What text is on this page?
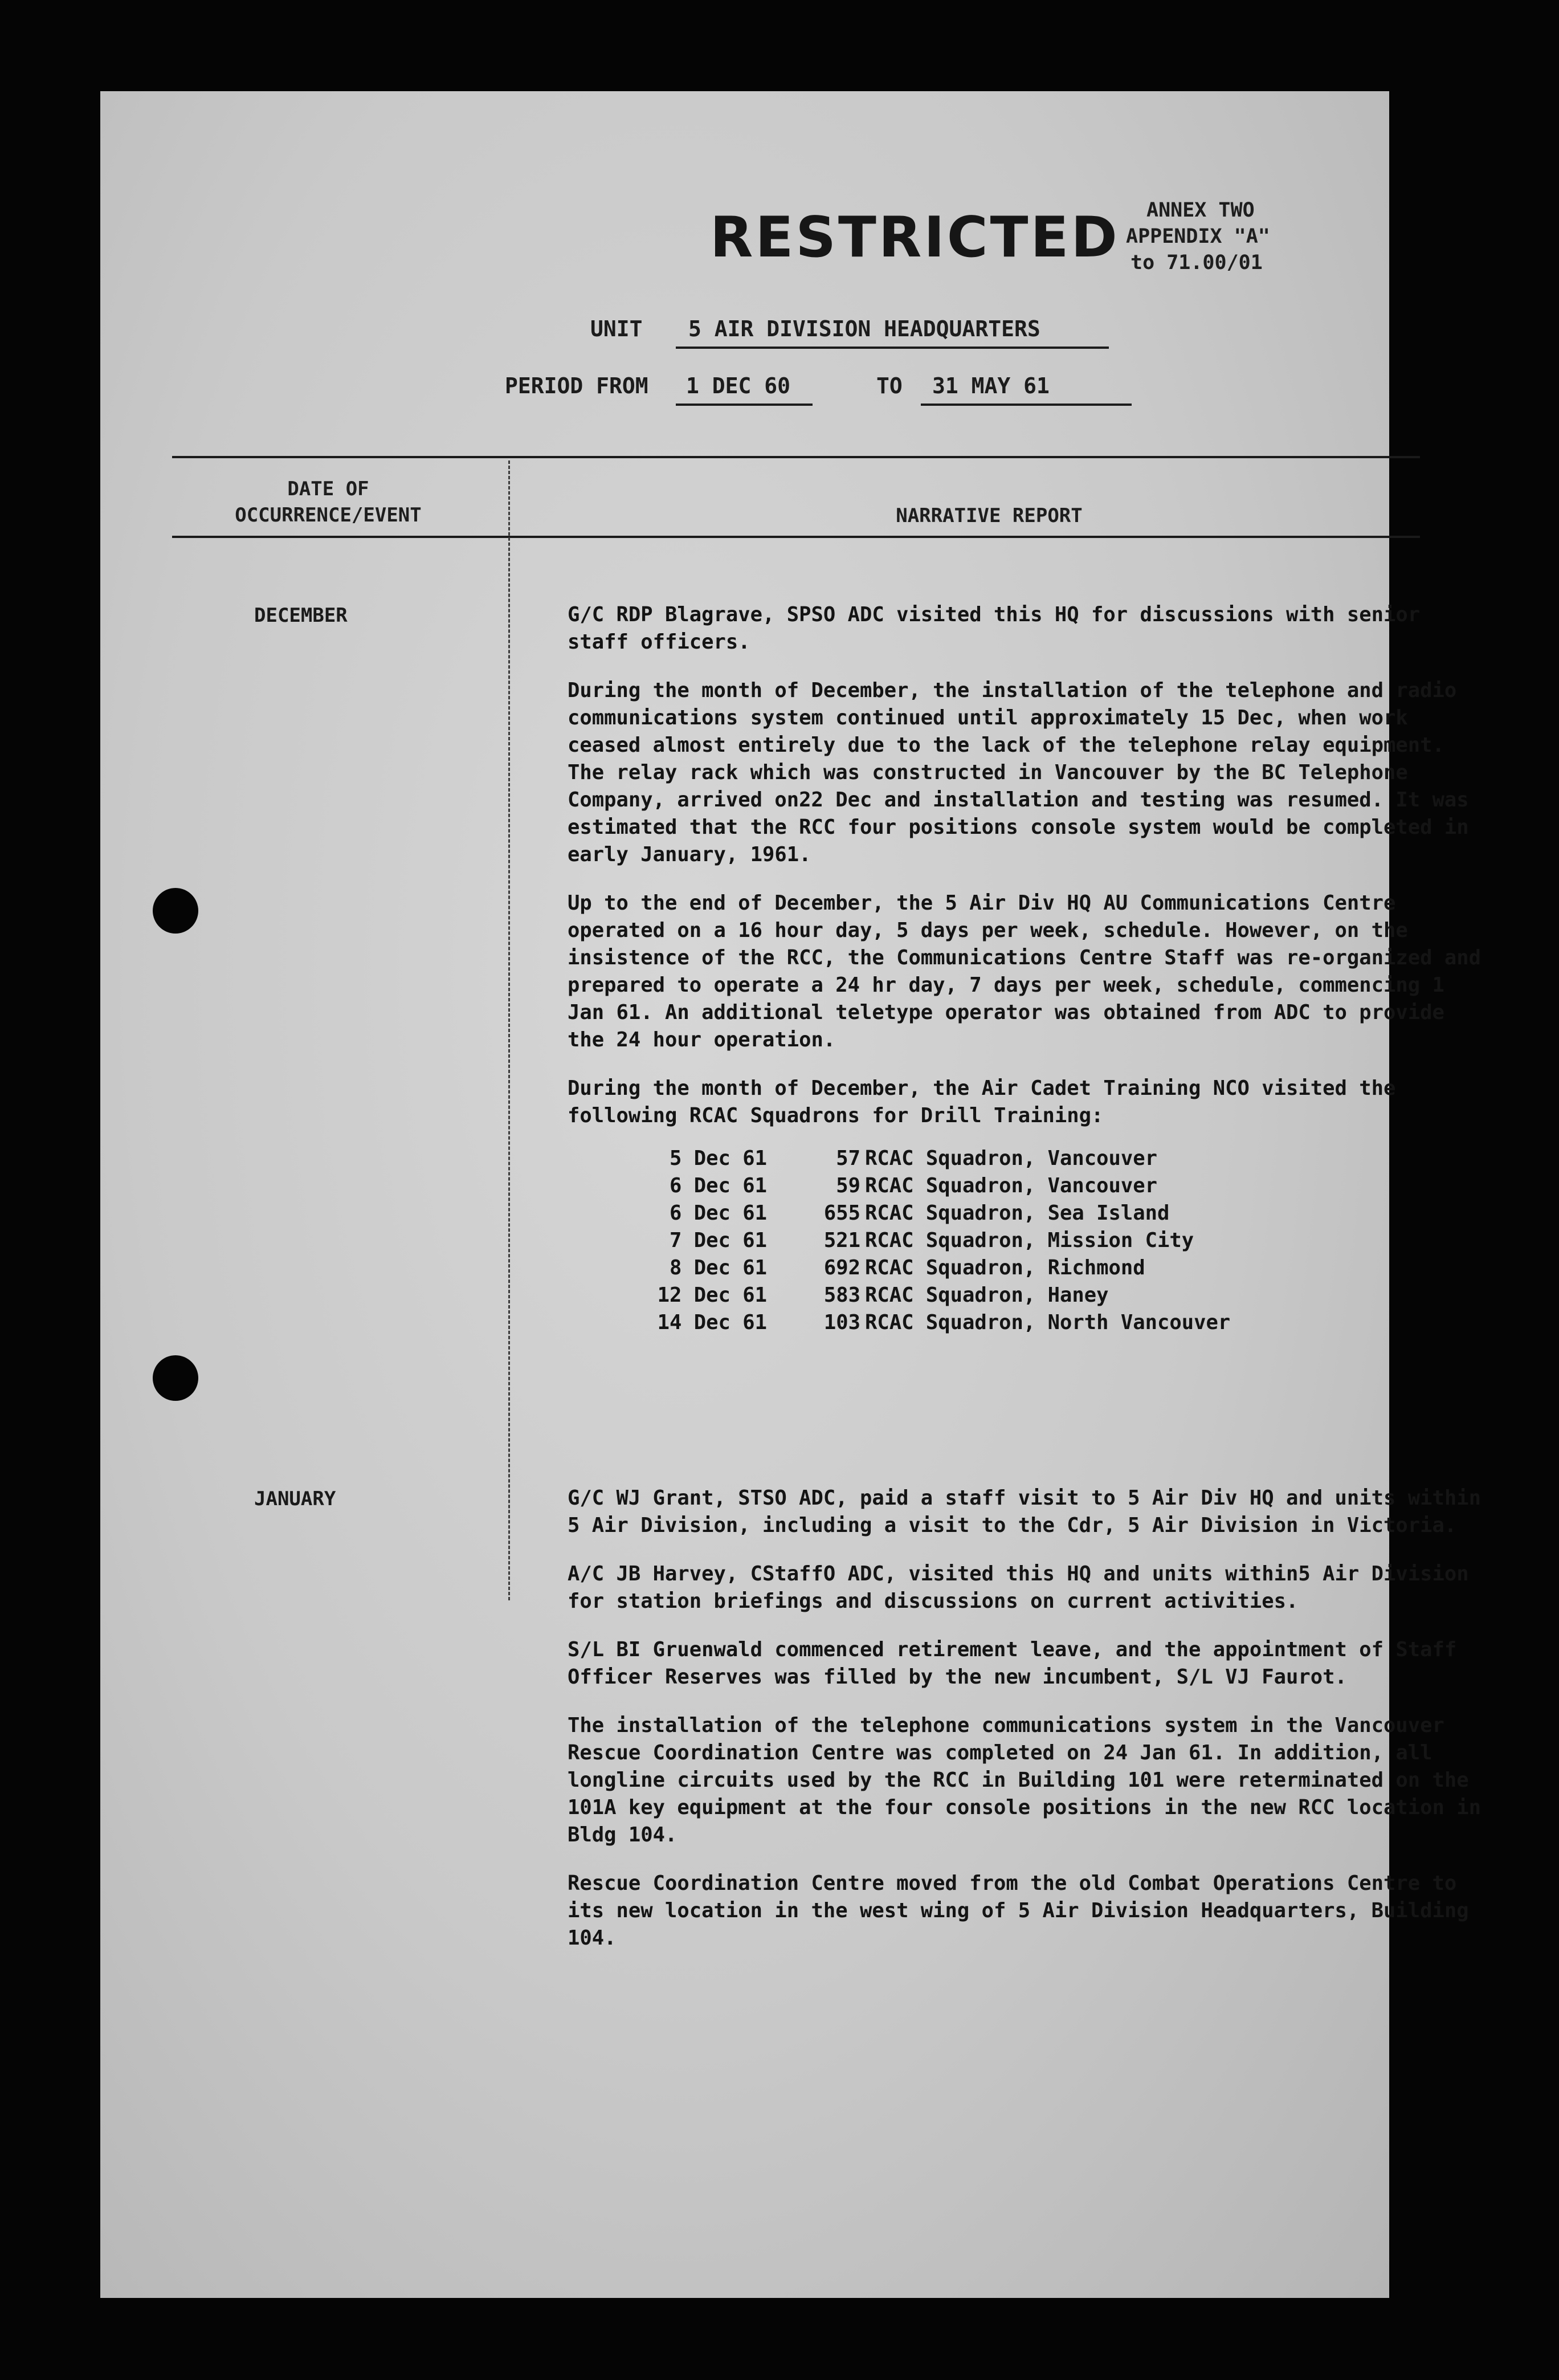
RESTRICTED	ANNEX TWO
APPENDIX "A"
to 71.00/01
UNIT 5 AIR DIVISION HEADQUARTERS
PERIOD FROM 1 DEC 60	TO 31 MAY 61
DATE OF
OCCURRENCE/EVENT	NARRATIVE REPORT
DECEMBER	G/C RDP Blagrave, SPSO ADC visited this HQ for discussions with senior staff officers.

During the month of December, the installation of the telephone and radio communications system continued until approximately 15 Dec, when work ceased almost entirely due to the lack of the telephone relay equipment. The relay rack which was constructed in Vancouver by the BC Telephone Company, arrived on22 Dec and installation and testing was resumed. It was estimated that the RCC four positions console system would be completed in early January, 1961.

Up to the end of December, the 5 Air Div HQ AU Communications Centre operated on a 16 hour day, 5 days per week, schedule. However, on the insistence of the RCC, the Communications Centre Staff was re-organized and prepared to operate a 24 hr day, 7 days per week, schedule, commencing 1 Jan 61. An additional teletype operator was obtained from ADC to provide the 24 hour operation.

During the month of December, the Air Cadet Training NCO visited the following RCAC Squadrons for Drill Training:

5 Dec 61	57	RCAC Squadron, Vancouver
6 Dec 61	59	RCAC Squadron, Vancouver
6 Dec 61	655	RCAC Squadron, Sea Island
7 Dec 61	521	RCAC Squadron, Mission City
8 Dec 61	692	RCAC Squadron, Richmond
12 Dec 61	583	RCAC Squadron, Haney
14 Dec 61	103	RCAC Squadron, North Vancouver
JANUARY	G/C WJ Grant, STSO ADC, paid a staff visit to 5 Air Div HQ and units within 5 Air Division, including a visit to the Cdr, 5 Air Division in Victoria.

A/C JB Harvey, CStaffO ADC, visited this HQ and units within5 Air Division for station briefings and discussions on current activities.

S/L BI Gruenwald commenced retirement leave, and the appointment of Staff Officer Reserves was filled by the new incumbent, S/L VJ Faurot.

The installation of the telephone communications system in the Vancouver Rescue Coordination Centre was completed on 24 Jan 61. In addition, all longline circuits used by the RCC in Building 101 were reterminated on the 101A key equipment at the four console positions in the new RCC location in Bldg 104.

Rescue Coordination Centre moved from the old Combat Operations Centre to its new location in the west wing of 5 Air Division Headquarters, Building 104.
